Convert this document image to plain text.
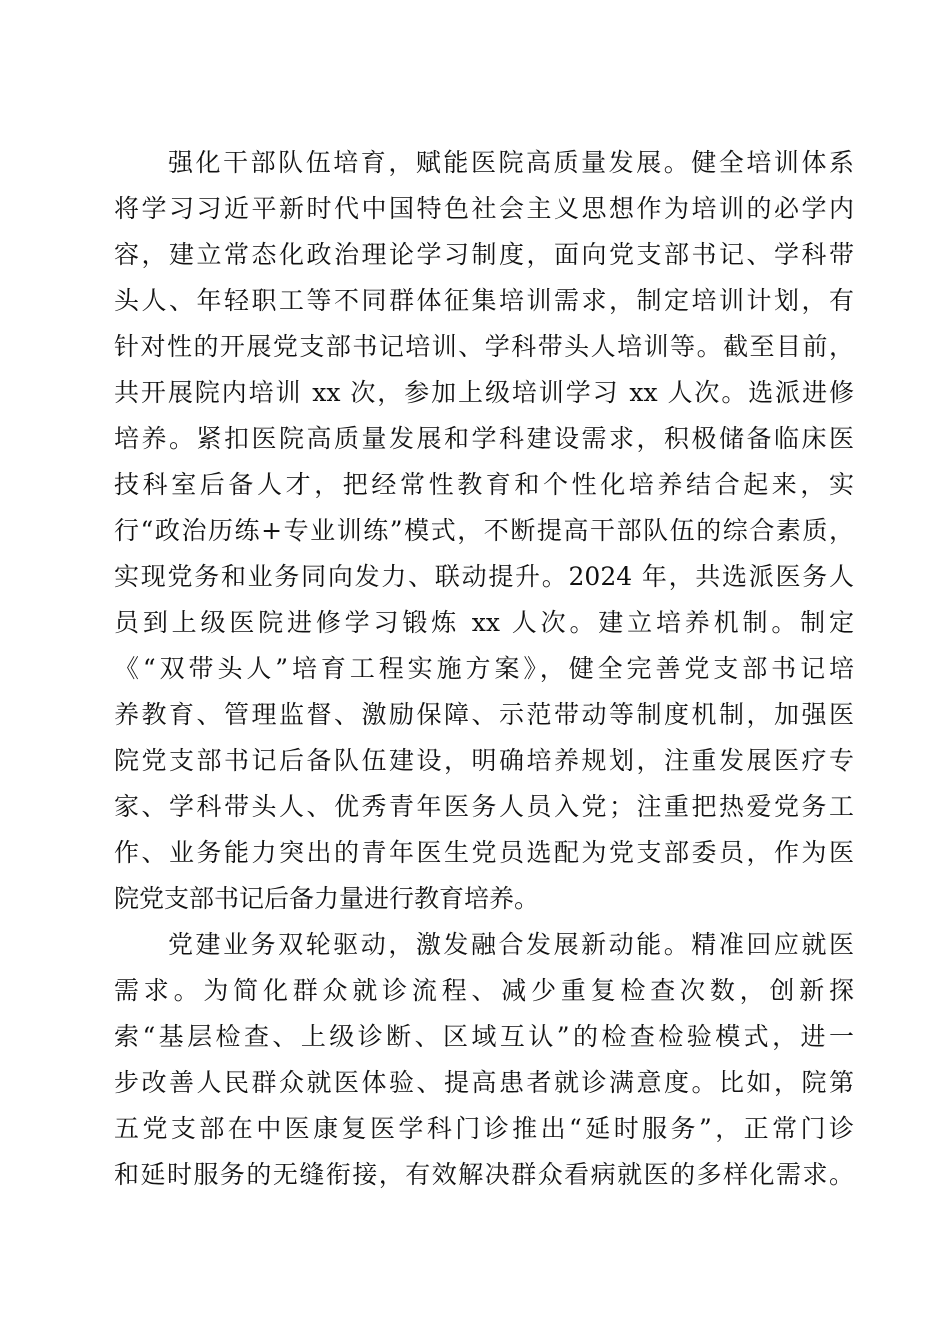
强化干部队伍培育，赋能医院高质量发展。健全培训体系
将学习习近平新时代中国特色社会主义思想作为培训的必学内
容，建立常态化政治理论学习制度，面向党支部书记、学科带
头人、年轻职工等不同群体征集培训需求，制定培训计划，有
针对性的开展党支部书记培训、学科带头人培训等。截至目前，
共开展院内培训 xx 次，参加上级培训学习 xx 人次。选派进修
培养。紧扣医院高质量发展和学科建设需求，积极储备临床医
技科室后备人才，把经常性教育和个性化培养结合起来，实
行“政治历练+专业训练”模式，不断提高干部队伍的综合素质，
实现党务和业务同向发力、联动提升。2024 年，共选派医务人
员到上级医院进修学习锻炼 xx 人次。建立培养机制。制定
《“双带头人”培育工程实施方案》，健全完善党支部书记培
养教育、管理监督、激励保障、示范带动等制度机制，加强医
院党支部书记后备队伍建设，明确培养规划，注重发展医疗专
家、学科带头人、优秀青年医务人员入党；注重把热爱党务工
作、业务能力突出的青年医生党员选配为党支部委员，作为医
院党支部书记后备力量进行教育培养。
党建业务双轮驱动，激发融合发展新动能。精准回应就医
需求。为简化群众就诊流程、减少重复检查次数，创新探
索“基层检查、上级诊断、区域互认”的检查检验模式，进一
步改善人民群众就医体验、提高患者就诊满意度。比如，院第
五党支部在中医康复医学科门诊推出“延时服务”，正常门诊
和延时服务的无缝衔接，有效解决群众看病就医的多样化需求。
